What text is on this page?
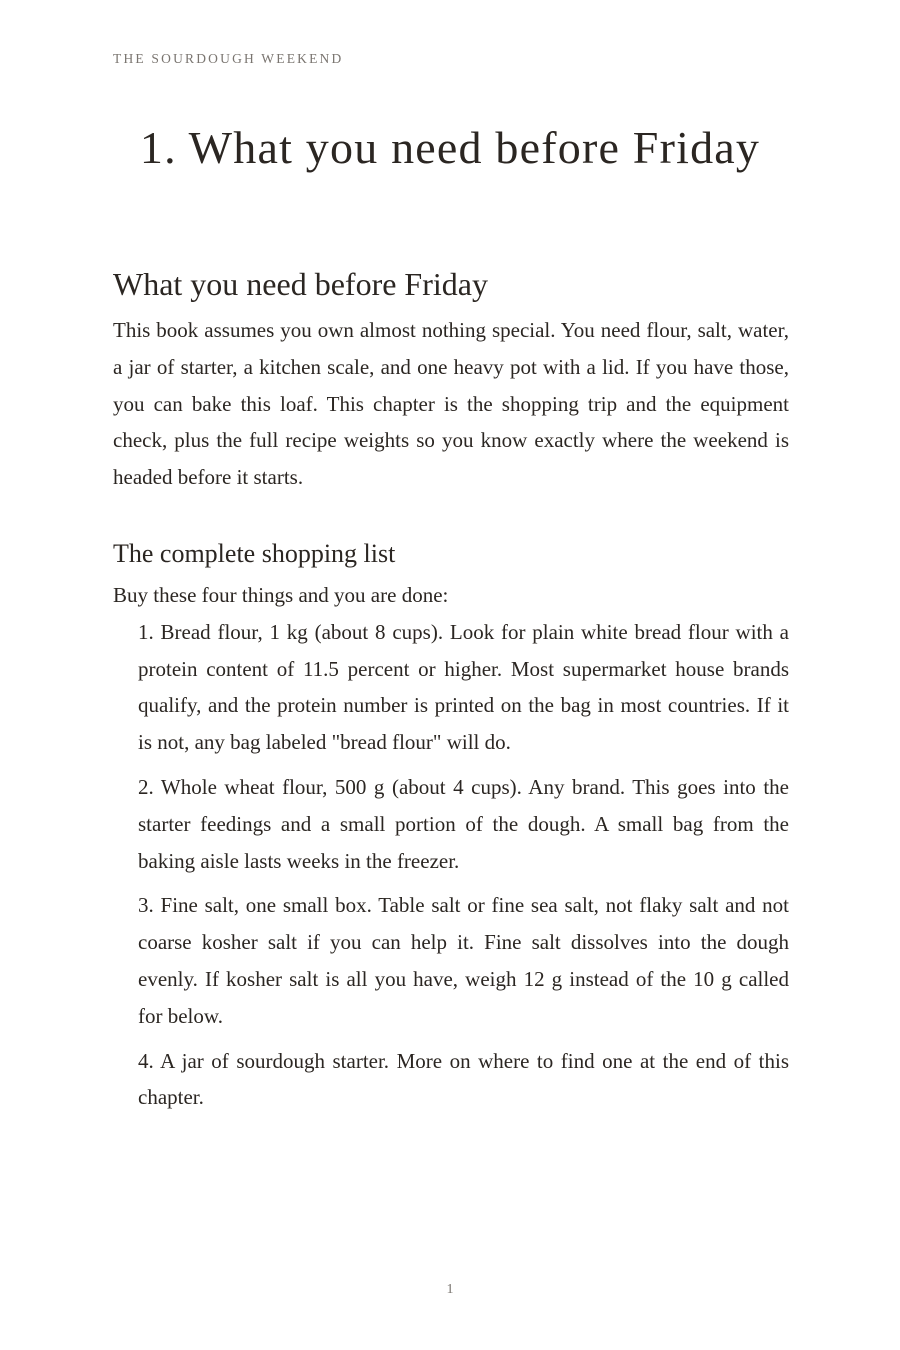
THE SOURDOUGH WEEKEND
1. What you need before Friday
What you need before Friday

This book assumes you own almost nothing special. You need flour, salt, water, a jar of starter, a kitchen scale, and one heavy pot with a lid. If you have those, you can bake this loaf. This chapter is the shopping trip and the equipment check, plus the full recipe weights so you know exactly where the weekend is headed before it starts.

The complete shopping list

Buy these four things and you are done:

1. Bread flour, 1 kg (about 8 cups). Look for plain white bread flour with a protein content of 11.5 percent or higher. Most supermarket house brands qualify, and the protein number is printed on the bag in most countries. If it is not, any bag labeled "bread flour" will do.
2. Whole wheat flour, 500 g (about 4 cups). Any brand. This goes into the starter feedings and a small portion of the dough. A small bag from the baking aisle lasts weeks in the freezer.
3. Fine salt, one small box. Table salt or fine sea salt, not flaky salt and not coarse kosher salt if you can help it. Fine salt dissolves into the dough evenly. If kosher salt is all you have, weigh 12 g instead of the 10 g called for below.
4. A jar of sourdough starter. More on where to find one at the end of this chapter.
1
